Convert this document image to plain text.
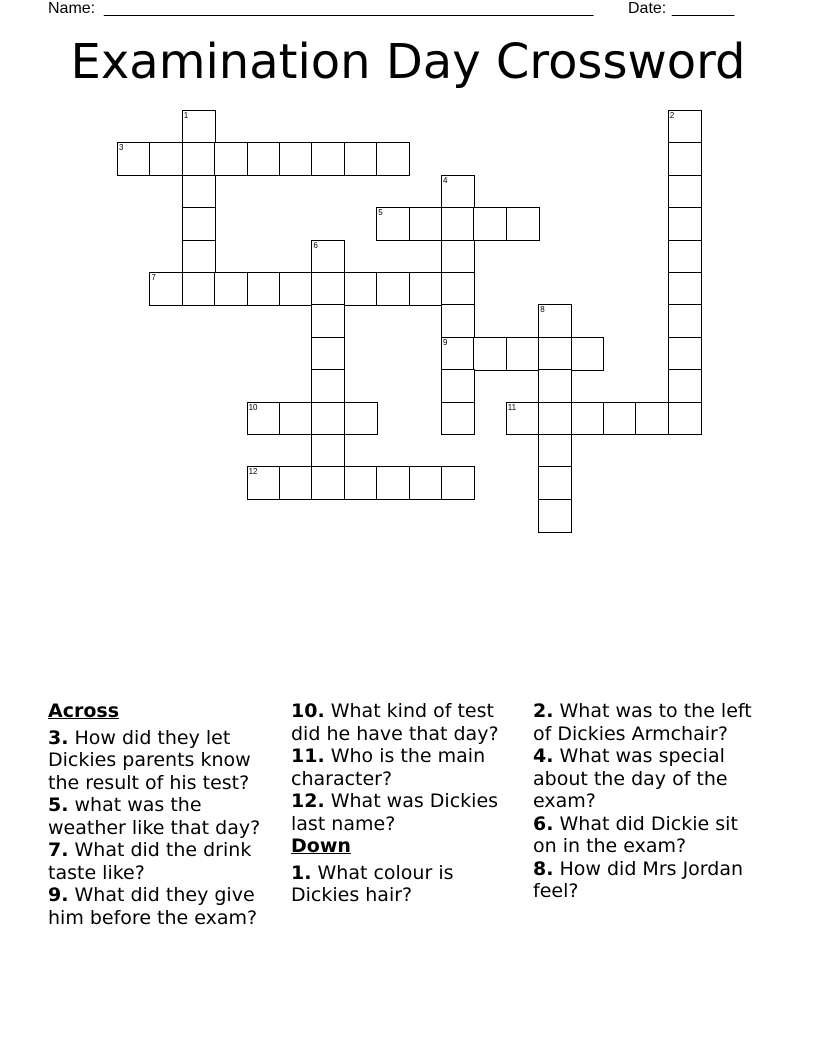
Name:

_______________________________________________________

Date:

_______

Examination Day Crossword
1	2
3
4
5
6
7
8
9
10	11
12
Across
3. How did they let Dickies parents know the result of his test?
5. what was the weather like that day?
7. What did the drink taste like?
9. What did they give him before the exam?
10. What kind of test did he have that day?
11. Who is the main character?
12. What was Dickies last name?
Down
1. What colour is Dickies hair?
2. What was to the left of Dickies Armchair?
4. What was special about the day of the exam?
6. What did Dickie sit on in the exam?
8. How did Mrs Jordan feel?
